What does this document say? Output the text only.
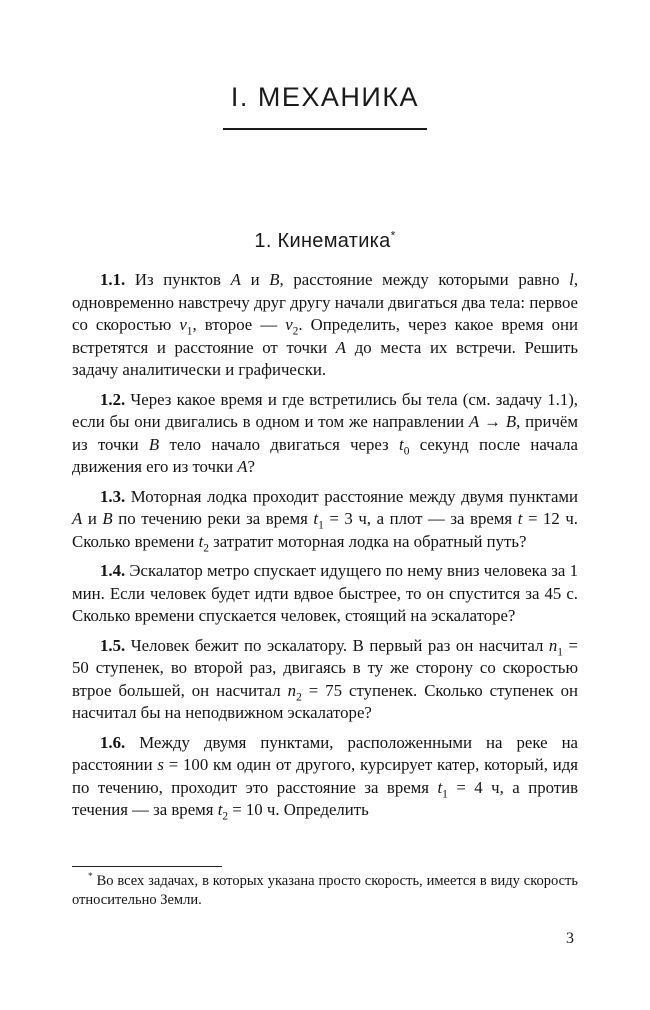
I. МЕХАНИКА
1. Кинематика*

1.1. Из пунктов A и B, расстояние между которыми равно l, одновременно навстречу друг другу начали двигаться два тела: первое со скоростью $v_1$, второе — $v_2$. Определить, через какое время они встретятся и расстояние от точки A до места их встречи. Решить задачу аналитически и графически.

1.2. Через какое время и где встретились бы тела (см. задачу 1.1), если бы они двигались в одном и том же направлении A → B, причём из точки B тело начало двигаться через $t_0$ секунд после начала движения его из точки A?

1.3. Моторная лодка проходит расстояние между двумя пунктами A и B по течению реки за время $t_1 = 3$ ч, а плот — за время t = 12 ч. Сколько времени $t_2$ затратит моторная лодка на обратный путь?

1.4. Эскалатор метро спускает идущего по нему вниз человека за 1 мин. Если человек будет идти вдвое быстрее, то он спустится за 45 с. Сколько времени спускается человек, стоящий на эскалаторе?

1.5. Человек бежит по эскалатору. В первый раз он насчитал $n_1 = 50$ ступенек, во второй раз, двигаясь в ту же сторону со скоростью втрое большей, он насчитал $n_2 = 75$ ступенек. Сколько ступенек он насчитал бы на неподвижном эскалаторе?

1.6. Между двумя пунктами, расположенными на реке на расстоянии s = 100 км один от другого, курсирует катер, который, идя по течению, проходит это расстояние за время $t_1 = 4$ ч, а против течения — за время $t_2 = 10$ ч. Определить

* Во всех задачах, в которых указана просто скорость, имеется в виду скорость относительно Земли.

3
